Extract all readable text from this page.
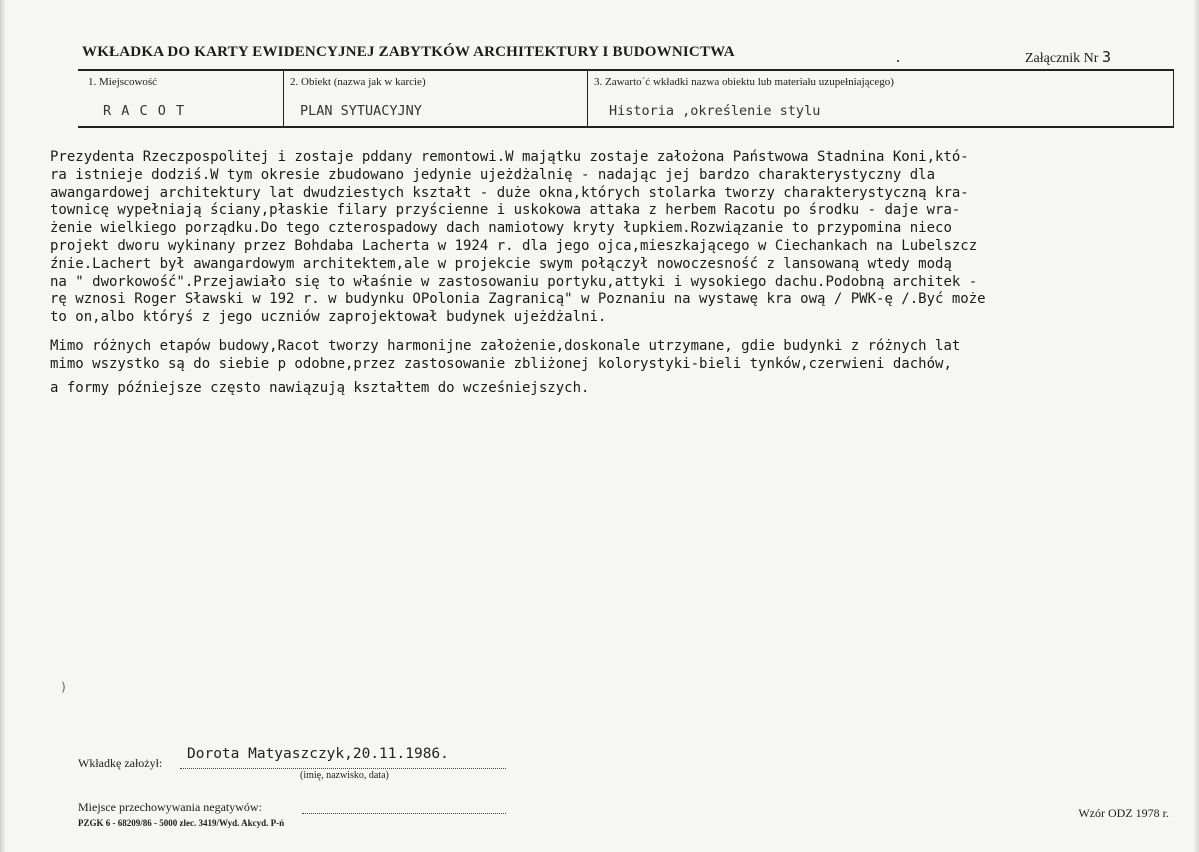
WKŁADKA DO KARTY EWIDENCYJNEJ ZABYTKÓW ARCHITEKTURY I BUDOWNICTWA	Załącznik Nr 3
1. Miejscowość
R A C O T
2. Obiekt (nazwa jak w karcie)
PLAN SYTUACYJNY
3. Zawarto´ć wkładki nazwa obiektu lub materiału uzupełniającego)
Historia ,określenie stylu
Prezydenta Rzeczpospolitej i zostaje pddany remontowi.W majątku zostaje założona Państwowa Stadnina Koni,któ-
ra istnieje dodziś.W tym okresie zbudowano jedynie ujeżdżalnię - nadając jej bardzo charakterystyczny dla
awangardowej architektury lat dwudziestych kształt - duże okna,których stolarka tworzy charakterystyczną kra-
townicę wypełniają ściany,płaskie filary przyścienne i uskokowa attaka z herbem Racotu po środku - daje wra-
żenie wielkiego porządku.Do tego czterospadowy dach namiotowy kryty łupkiem.Rozwiązanie to przypomina nieco
projekt dworu wykinany przez Bohdaba Lacherta w 1924 r. dla jego ojca,mieszkającego w Ciechankach na Lubelszcz
źnie.Lachert był awangardowym architektem,ale w projekcie swym połączył nowoczesność z lansowaną wtedy modą
na " dworkowość".Przejawiało się to właśnie w zastosowaniu portyku,attyki i wysokiego dachu.Podobną architek -
rę wznosi Roger Sławski w 192 r. w budynku OPolonia Zagranicą" w Poznaniu na wystawę kra ową / PWK-ę /.Być może
to on,albo któryś z jego uczniów zaprojektował budynek ujeżdżalni.
Mimo różnych etapów budowy,Racot tworzy harmonijne założenie,doskonale utrzymane, gdie budynki z różnych lat
mimo wszystko są do siebie p odobne,przez zastosowanie zbliżonej kolorystyki-bieli tynków,czerwieni dachów,
a formy późniejsze często nawiązują kształtem do wcześniejszych.
)
Wkładkę założył:
Dorota Matyaszczyk,20.11.1986.
(imię, nazwisko, data)
Miejsce przechowywania negatywów:
PZGK 6 - 68209/86 - 5000 zlec. 3419/Wyd. Akcyd. P-ń
Wzór ODZ 1978 r.
